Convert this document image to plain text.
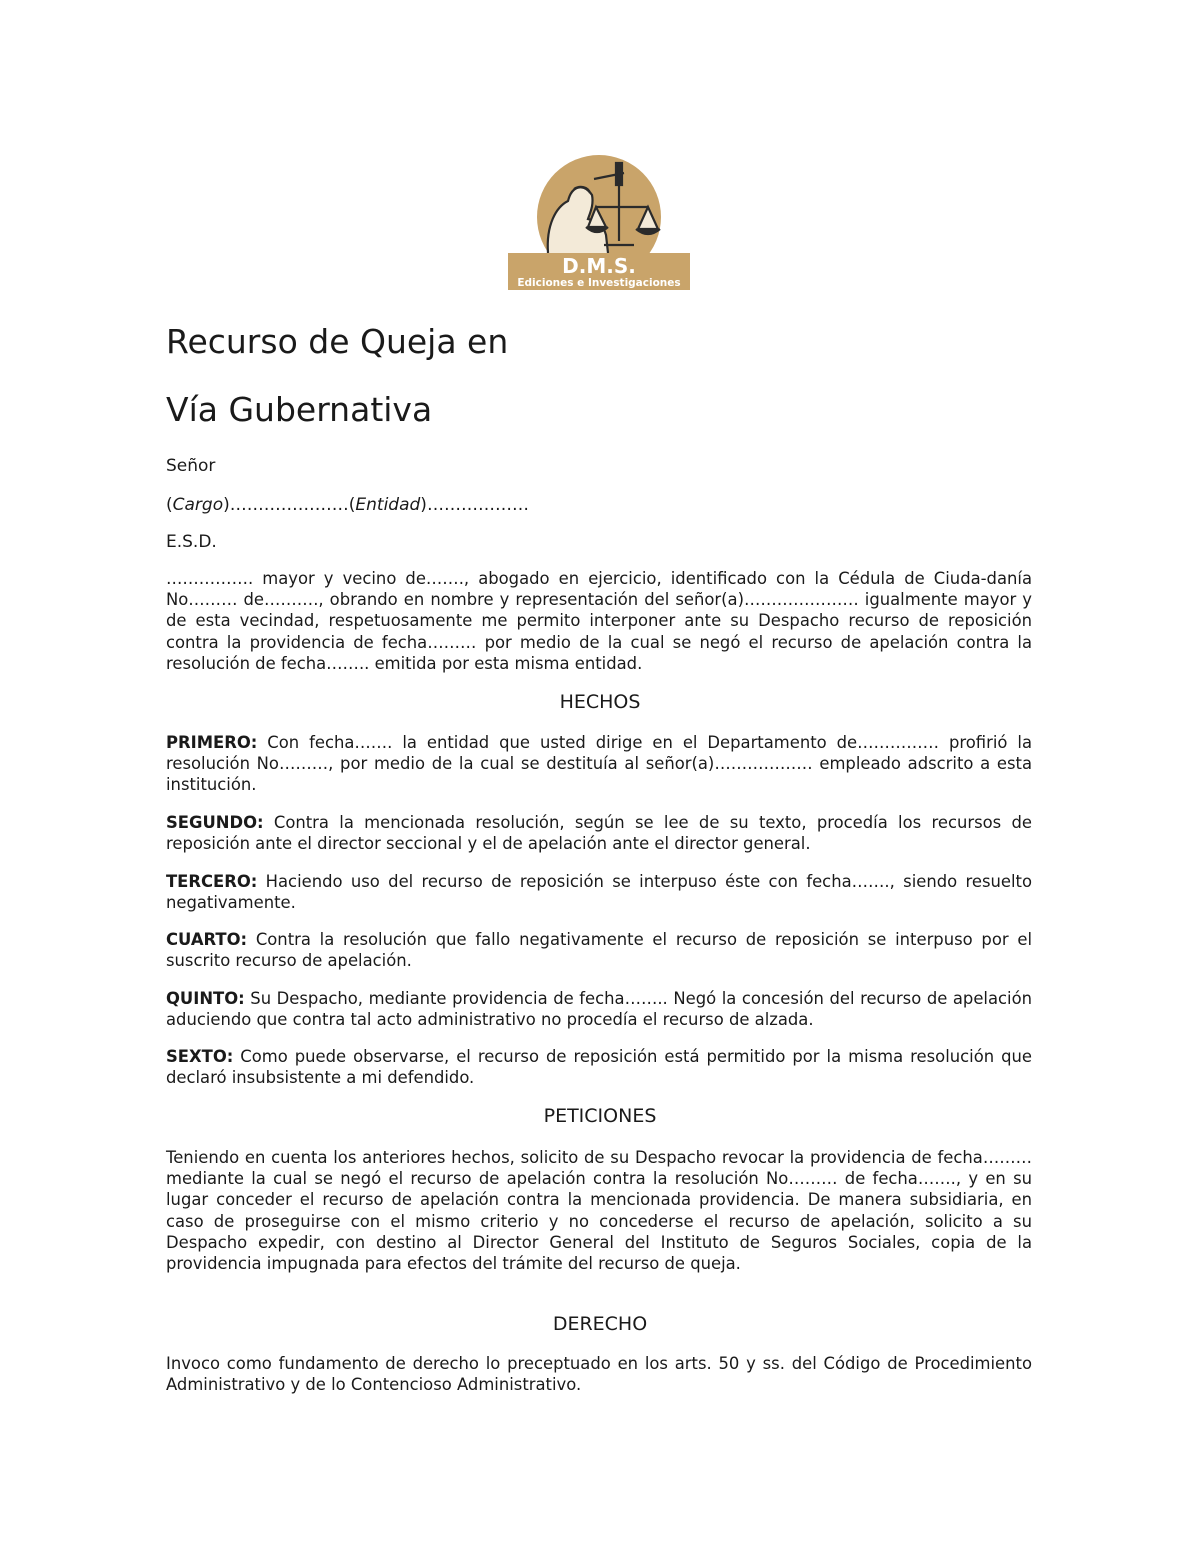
D.M.S.
Ediciones e Investigaciones
Recurso de Queja en
Vía Gubernativa
Señor
(Cargo)…………………(Entidad)………………
E.S.D.
……………. mayor y vecino de……., abogado en ejercicio, identificado con la Cédula de Ciuda-danía No……… de………., obrando en nombre y representación del señor(a)………………… igualmente mayor y de esta vecindad, respetuosamente me permito interponer ante su Despacho recurso de reposición contra la providencia de fecha……… por medio de la cual se negó el recurso de apelación contra la resolución de fecha…….. emitida por esta misma entidad.
HECHOS
PRIMERO: Con fecha……. la entidad que usted dirige en el Departamento de…………… profirió la resolución No………, por medio de la cual se destituía al señor(a)……………… empleado adscrito a esta institución.
SEGUNDO: Contra la mencionada resolución, según se lee de su texto, procedía los recursos de reposición ante el director seccional y el de apelación ante el director general.
TERCERO: Haciendo uso del recurso de reposición se interpuso éste con fecha……., siendo resuelto negativamente.
CUARTO: Contra la resolución que fallo negativamente el recurso de reposición se interpuso por el suscrito recurso de apelación.
QUINTO: Su Despacho, mediante providencia de fecha…….. Negó la concesión del recurso de apelación aduciendo que contra tal acto administrativo no procedía el recurso de alzada.
SEXTO: Como puede observarse, el recurso de reposición está permitido por la misma resolución que declaró insubsistente a mi defendido.
PETICIONES
Teniendo en cuenta los anteriores hechos, solicito de su Despacho revocar la providencia de fecha……… mediante la cual se negó el recurso de apelación contra la resolución No……… de fecha……., y en su lugar conceder el recurso de apelación contra la mencionada providencia. De manera subsidiaria, en caso de proseguirse con el mismo criterio y no concederse el recurso de apelación, solicito a su Despacho expedir, con destino al Director General del Instituto de Seguros Sociales, copia de la providencia impugnada para efectos del trámite del recurso de queja.
DERECHO
Invoco como fundamento de derecho lo preceptuado en los arts. 50 y ss. del Código de Procedimiento Administrativo y de lo Contencioso Administrativo.
